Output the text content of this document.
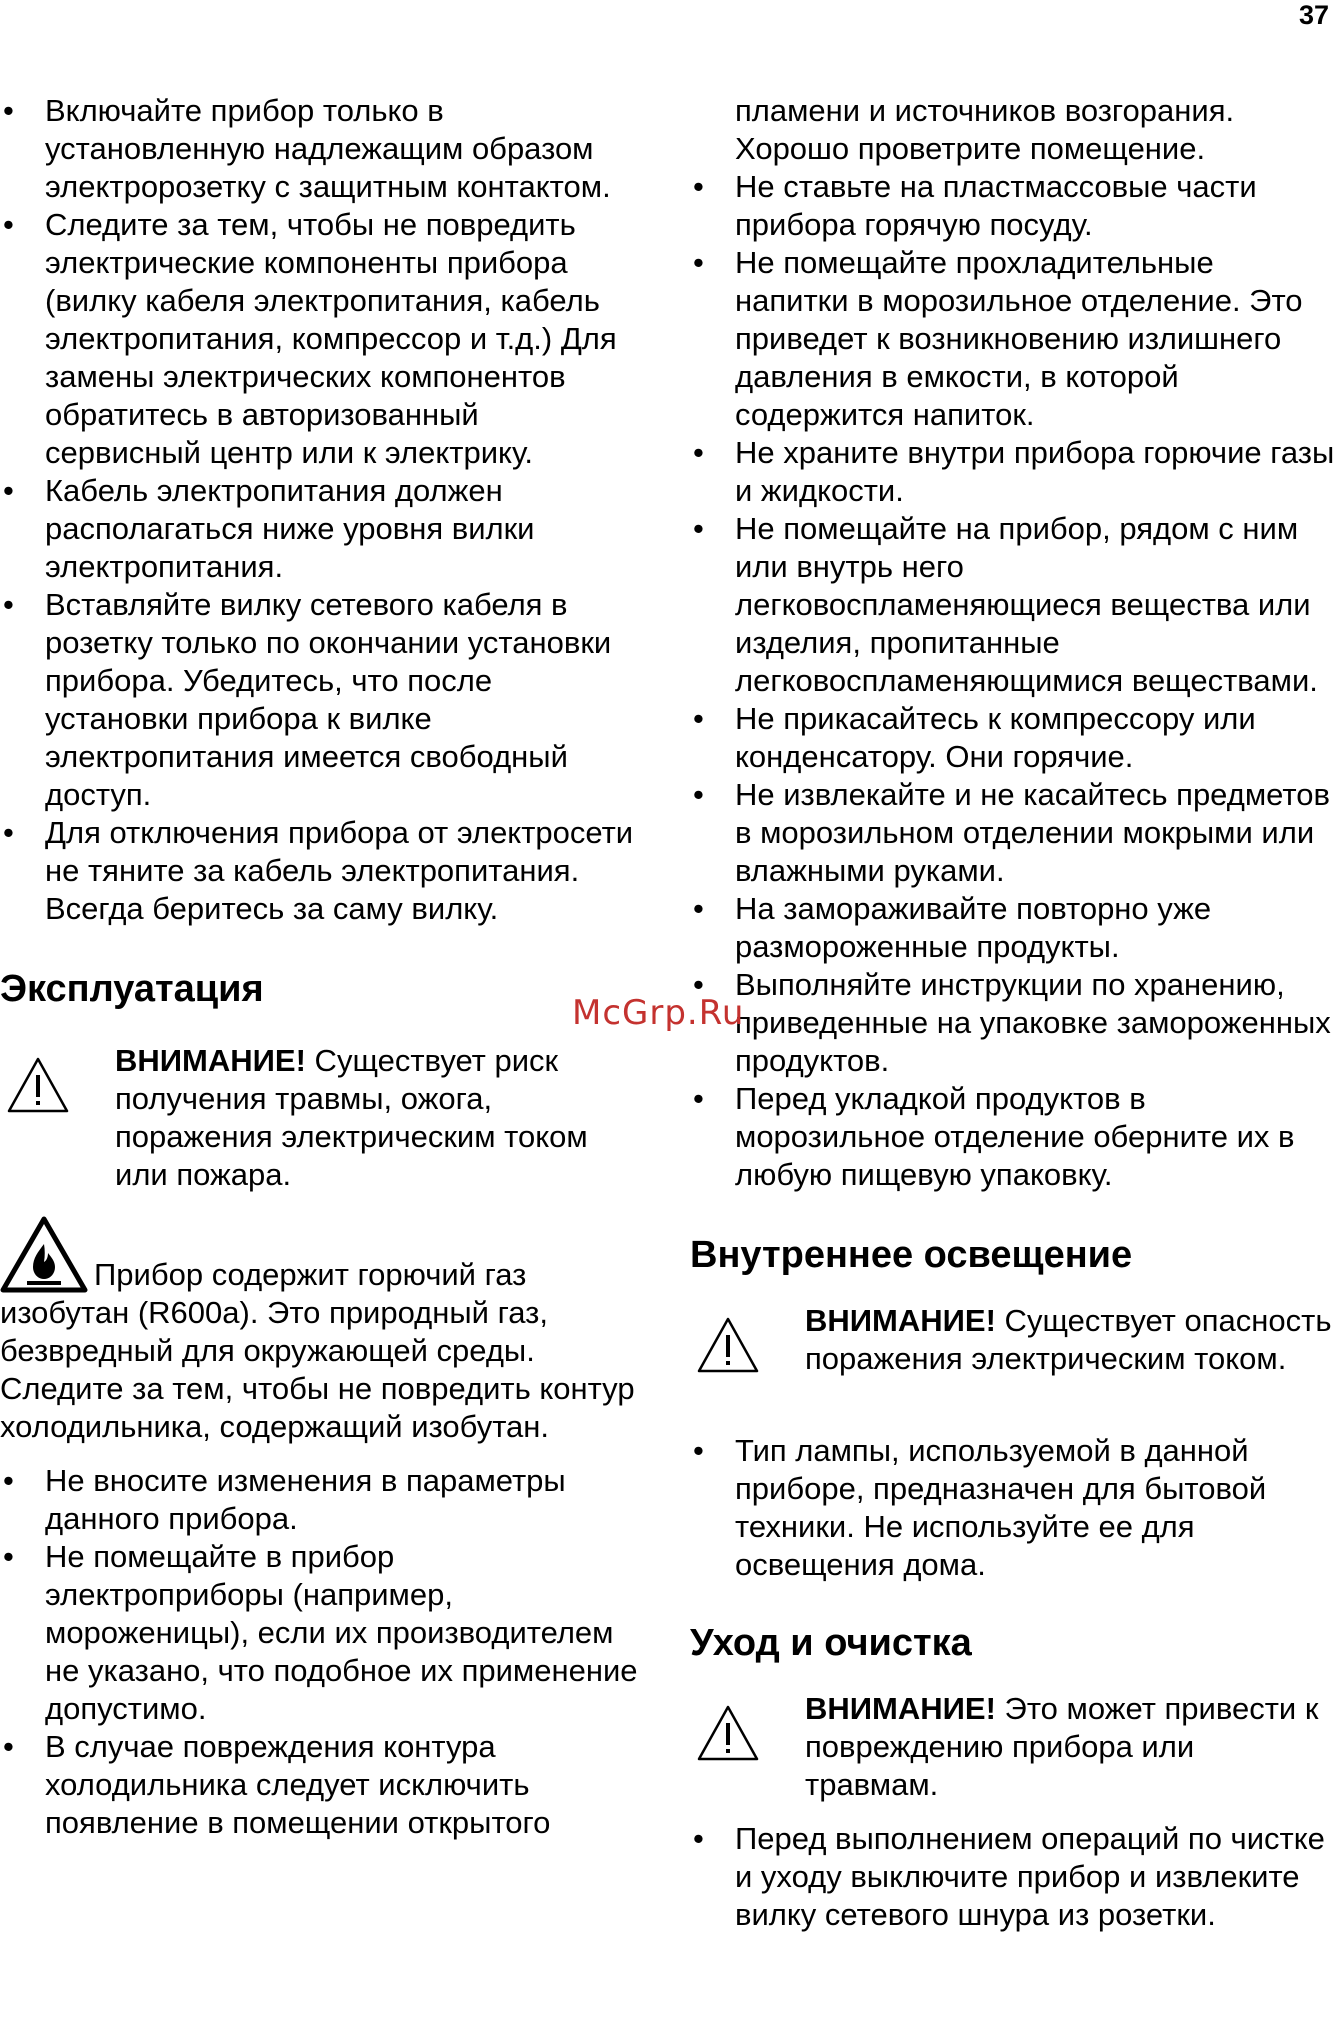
37
• Включайте прибор только в установленную надлежащим образом электророзетку с защитным контактом.
• Следите за тем, чтобы не повредить электрические компоненты прибора (вилку кабеля электропитания, кабель электропитания, компрессор и т.д.) Для замены электрических компонентов обратитесь в авторизованный сервисный центр или к электрику.
• Кабель электропитания должен располагаться ниже уровня вилки электропитания.
• Вставляйте вилку сетевого кабеля в розетку только по окончании установки прибора. Убедитесь, что после установки прибора к вилке электропитания имеется свободный доступ.
• Для отключения прибора от электросети не тяните за кабель электропитания. Всегда беритесь за саму вилку.
Эксплуатация
ВНИМАНИЕ! Существует риск получения травмы, ожога, поражения электрическим током или пожара.
Прибор содержит горючий газ изобутан (R600a). Это природный газ, безвредный для окружающей среды. Следите за тем, чтобы не повредить контур холодильника, содержащий изобутан.
• Не вносите изменения в параметры данного прибора.
• Не помещайте в прибор электроприборы (например, мороженицы), если их производителем не указано, что подобное их применение допустимо.
• В случае повреждения контура холодильника следует исключить появление в помещении открытого

пламени и источников возгорания. Хорошо проветрите помещение.

• Не ставьте на пластмассовые части прибора горячую посуду.
• Не помещайте прохладительные напитки в морозильное отделение. Это приведет к возникновению излишнего давления в емкости, в которой содержится напиток.
• Не храните внутри прибора горючие газы и жидкости.
• Не помещайте на прибор, рядом с ним или внутрь него легковоспламеняющиеся вещества или изделия, пропитанные легковоспламеняющимися веществами.
• Не прикасайтесь к компрессору или конденсатору. Они горячие.
• Не извлекайте и не касайтесь предметов в морозильном отделении мокрыми или влажными руками.
• На замораживайте повторно уже размороженные продукты.
• Выполняйте инструкции по хранению, приведенные на упаковке замороженных продуктов.
• Перед укладкой продуктов в морозильное отделение оберните их в любую пищевую упаковку.
Внутреннее освещение
ВНИМАНИЕ! Существует опасность поражения электрическим током.
• Тип лампы, используемой в данной приборе, предназначен для бытовой техники. Не используйте ее для освещения дома.
Уход и очистка
ВНИМАНИЕ! Это может привести к повреждению прибора или травмам.
• Перед выполнением операций по чистке и уходу выключите прибор и извлеките вилку сетевого шнура из розетки.
McGrp.Ru
